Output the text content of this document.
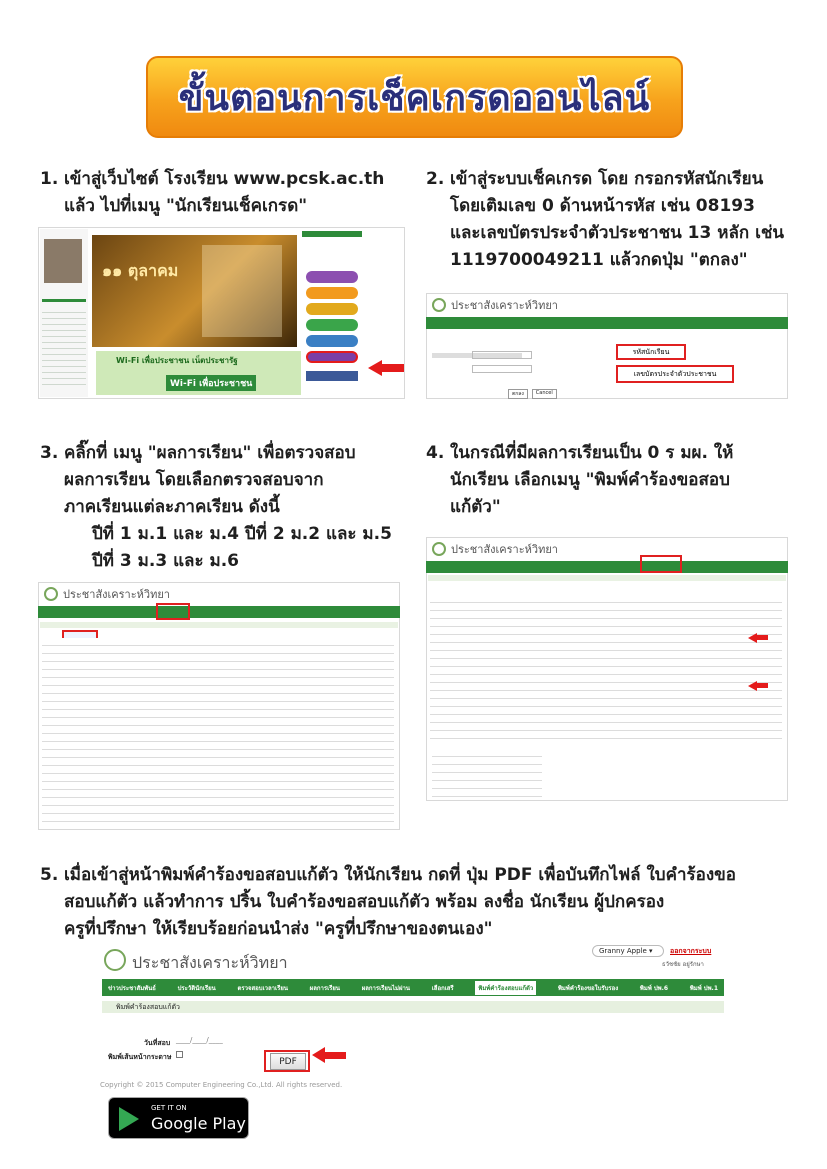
ขั้นตอนการเช็คเกรดออนไลน์
1. เข้าสู่เว็บไซต์ โรงเรียน www.pcsk.ac.th
แล้ว ไปที่เมนู "นักเรียนเช็คเกรด"
2. เข้าสู่ระบบเช็คเกรด โดย กรอกรหัสนักเรียน
โดยเติมเลข 0 ด้านหน้ารหัส เช่น 08193
และเลขบัตรประจำตัวประชาชน 13 หลัก เช่น
1119700049211 แล้วกดปุ่ม "ตกลง"
๑๑ ตุลาคม
Wi-Fi เพื่อประชาชน เน็ตประชารัฐ
Wi-Fi เพื่อประชาชน
ประชาสังเคราะห์วิทยา
รหัสนักเรียน
เลขบัตรประจำตัวประชาชน
ตกลง	Cancel
3. คลิ๊กที่ เมนู "ผลการเรียน" เพื่อตรวจสอบ
ผลการเรียน โดยเลือกตรวจสอบจาก
ภาคเรียนแต่ละภาคเรียน ดังนี้
ปีที่ 1 ม.1 และ ม.4 ปีที่ 2 ม.2 และ ม.5
ปีที่ 3 ม.3 และ ม.6
4. ในกรณีที่มีผลการเรียนเป็น 0 ร มผ. ให้
นักเรียน เลือกเมนู "พิมพ์คำร้องขอสอบ
แก้ตัว"
ประชาสังเคราะห์วิทยา
ประชาสังเคราะห์วิทยา
5. เมื่อเข้าสู่หน้าพิมพ์คำร้องขอสอบแก้ตัว ให้นักเรียน กดที่ ปุ่ม PDF เพื่อบันทึกไฟล์ ใบคำร้องขอ
สอบแก้ตัว แล้วทำการ ปริ้น ใบคำร้องขอสอบแก้ตัว พร้อม ลงชื่อ นักเรียน ผู้ปกครอง
ครูที่ปรึกษา ให้เรียบร้อยก่อนนำส่ง "ครูที่ปรึกษาของตนเอง"
ประชาสังเคราะห์วิทยา
Granny Apple ▾	ออกจากระบบ
ธวัชชัย อยู่รักษา
ข่าวประชาสัมพันธ์	ประวัตินักเรียน	ตรวจสอบเวลาเรียน	ผลการเรียน	ผลการเรียนไม่ผ่าน	เลือกเสรี	พิมพ์คำร้องสอบแก้ตัว	พิมพ์คำร้องขอใบรับรอง	พิมพ์ ปพ.6	พิมพ์ ปพ.1
พิมพ์คำร้องสอบแก้ตัว
วันที่สอบ ____/____/____
พิมพ์เส้นหน้ากระดาษ	PDF
Copyright © 2015 Computer Engineering Co.,Ltd. All rights reserved.
GET IT ON
Google Play
